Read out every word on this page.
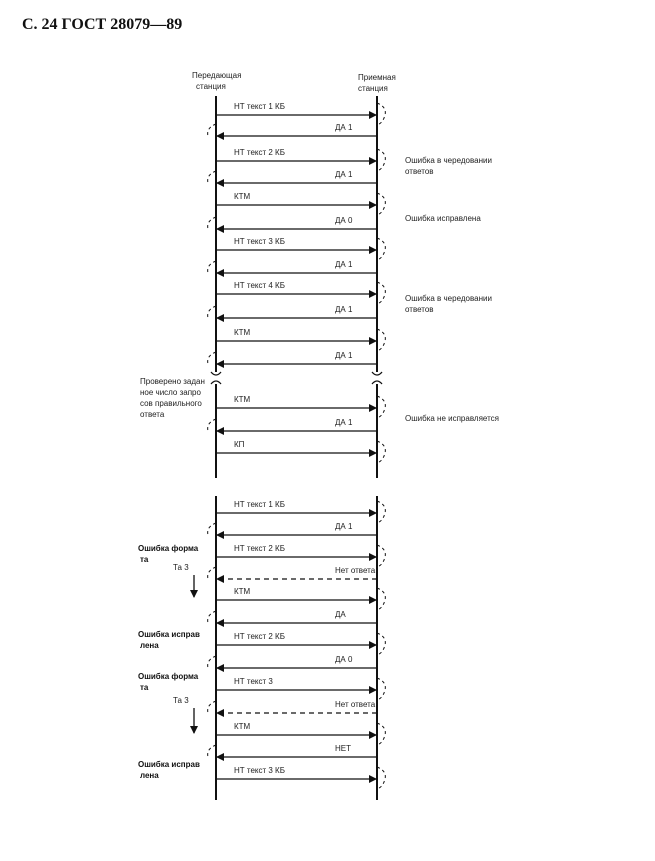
С. 24 ГОСТ 28079—89
Передающая
станция
Приемная
станция
НТ текст 1 КБ
ДА 1
НТ текст 2 КБ
ДА 1
КТМ
ДА 0
НТ текст 3 КБ
ДА 1
НТ текст 4 КБ
ДА 1
КТМ
ДА 1
КТМ
ДА 1
КП
Ошибка в чередовании
ответов
Ошибка исправлена
Ошибка в чередовании
ответов
Проверено задан
ное число запро
сов правильного
ответа	Ошибка не исправляется
НТ текст 1 КБ
ДА 1
НТ текст 2 КБ
Нет ответа
КТМ
ДА
НТ текст 2 КБ
ДА 0
НТ текст 3
Нет ответа
КТМ
НЕТ
НТ текст 3 КБ
Ошибка форма
та
Та 3
Ошибка исправ
лена
Ошибка форма
та
Та 3
Ошибка исправ
лена
